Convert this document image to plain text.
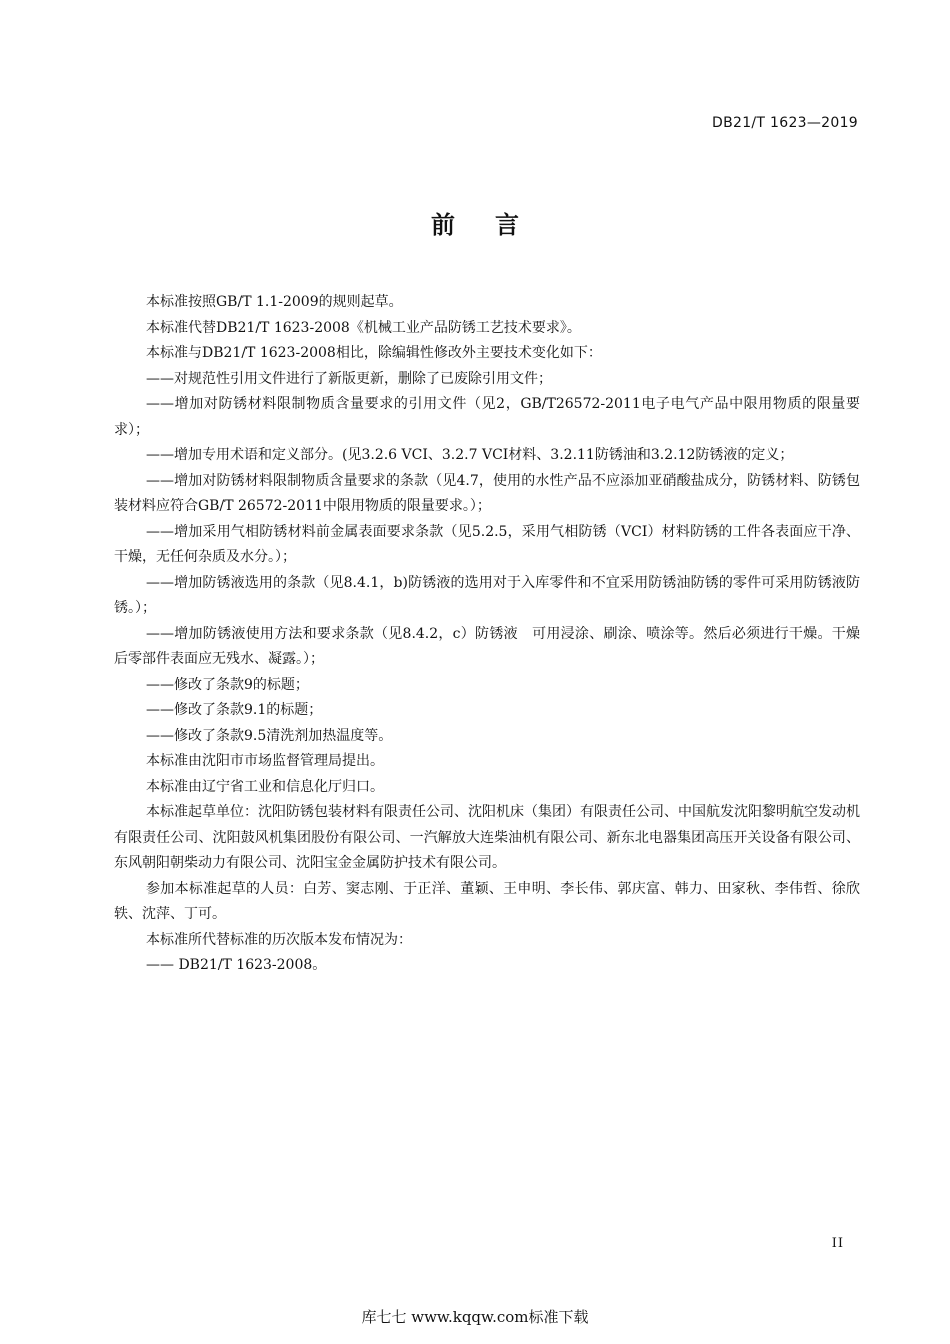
DB21/T 1623—2019
前言

本标准按照GB/T 1.1-2009的规则起草。

本标准代替DB21/T 1623-2008《机械工业产品防锈工艺技术要求》。

本标准与DB21/T 1623-2008相比，除编辑性修改外主要技术变化如下：

——对规范性引用文件进行了新版更新，删除了已废除引用文件；

——增加对防锈材料限制物质含量要求的引用文件（见2，GB/T26572-2011电子电气产品中限用物质的限量要求）；

——增加专用术语和定义部分。(见3.2.6 VCI、3.2.7 VCI材料、3.2.11防锈油和3.2.12防锈液的定义；

——增加对防锈材料限制物质含量要求的条款（见4.7，使用的水性产品不应添加亚硝酸盐成分，防锈材料、防锈包装材料应符合GB/T 26572-2011中限用物质的限量要求。）；

——增加采用气相防锈材料前金属表面要求条款（见5.2.5，采用气相防锈（VCI）材料防锈的工件各表面应干净、干燥，无任何杂质及水分。）；

——增加防锈液选用的条款（见8.4.1，b)防锈液的选用对于入库零件和不宜采用防锈油防锈的零件可采用防锈液防锈。）；

——增加防锈液使用方法和要求条款（见8.4.2，c）防锈液　可用浸涂、刷涂、喷涂等。然后必须进行干燥。干燥后零部件表面应无残水、凝露。）；

——修改了条款9的标题；

——修改了条款9.1的标题；

——修改了条款9.5清洗剂加热温度等。

本标准由沈阳市市场监督管理局提出。

本标准由辽宁省工业和信息化厅归口。

本标准起草单位：沈阳防锈包装材料有限责任公司、沈阳机床（集团）有限责任公司、中国航发沈阳黎明航空发动机有限责任公司、沈阳鼓风机集团股份有限公司、一汽解放大连柴油机有限公司、新东北电器集团高压开关设备有限公司、东风朝阳朝柴动力有限公司、沈阳宝金金属防护技术有限公司。

参加本标准起草的人员：白芳、窦志刚、于正洋、董颖、王申明、李长伟、郭庆富、韩力、田家秋、李伟哲、徐欣轶、沈萍、丁可。

本标准所代替标准的历次版本发布情况为：

—— DB21/T 1623-2008。

II
库七七 www.kqqw.com标准下载
